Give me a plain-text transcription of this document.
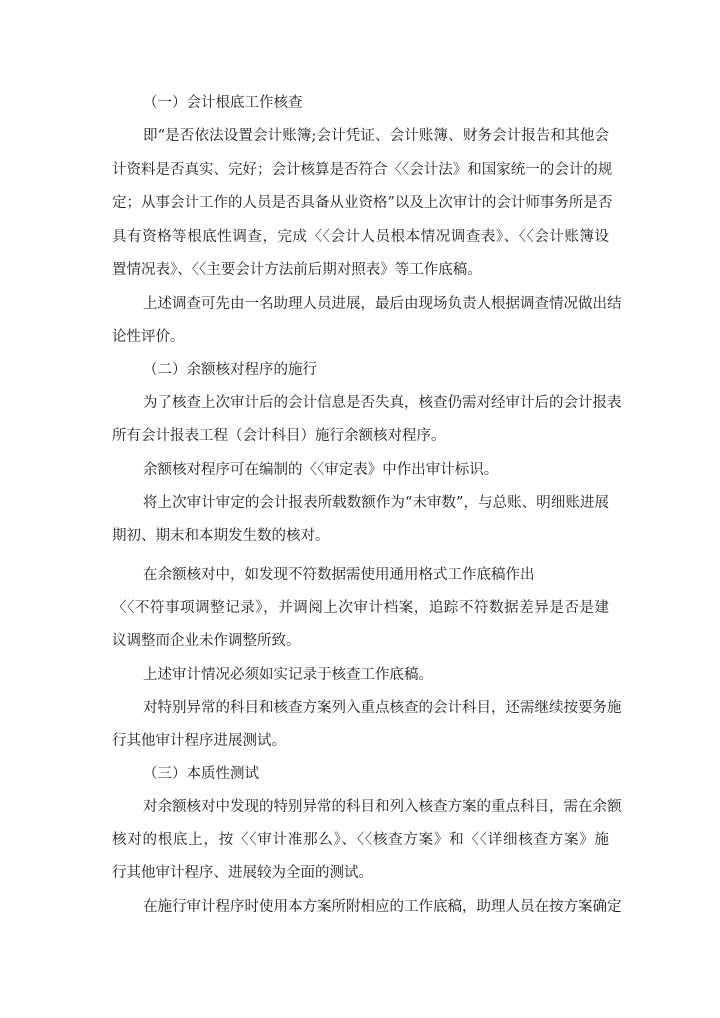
（一）会计根底工作核查
即“是否依法设置会计账簿;会计凭证、会计账簿、财务会计报告和其他会
计资料是否真实、完好；会计核算是否符合〈〈会计法》和国家统一的会计的规
定；从事会计工作的人员是否具备从业资格”以及上次审计的会计师事务所是否
具有资格等根底性调查，完成〈〈会计人员根本情况调查表》、〈〈会计账簿设
置情况表》、〈〈主要会计方法前后期对照表》等工作底稿。
上述调查可先由一名助理人员进展，最后由现场负责人根据调查情况做出结
论性评价。
（二）余额核对程序的施行
为了核查上次审计后的会计信息是否失真，核查仍需对经审计后的会计报表
所有会计报表工程（会计科目）施行余额核对程序。
余额核对程序可在编制的〈〈审定表》中作出审计标识。
将上次审计审定的会计报表所载数额作为“未审数”，与总账、明细账进展
期初、期末和本期发生数的核对。
在余额核对中，如发现不符数据需使用通用格式工作底稿作出
〈〈不符事项调整记录》，并调阅上次审计档案，追踪不符数据差异是否是建
议调整而企业未作调整所致。
上述审计情况必须如实记录于核查工作底稿。
对特别异常的科目和核查方案列入重点核查的会计科目，还需继续按要务施
行其他审计程序进展测试。
（三）本质性测试
对余额核对中发现的特别异常的科目和列入核查方案的重点科目，需在余额
核对的根底上，按〈〈审计准那么》、〈〈核查方案》和〈〈详细核查方案》施
行其他审计程序、进展较为全面的测试。
在施行审计程序时使用本方案所附相应的工作底稿，助理人员在按方案确定
